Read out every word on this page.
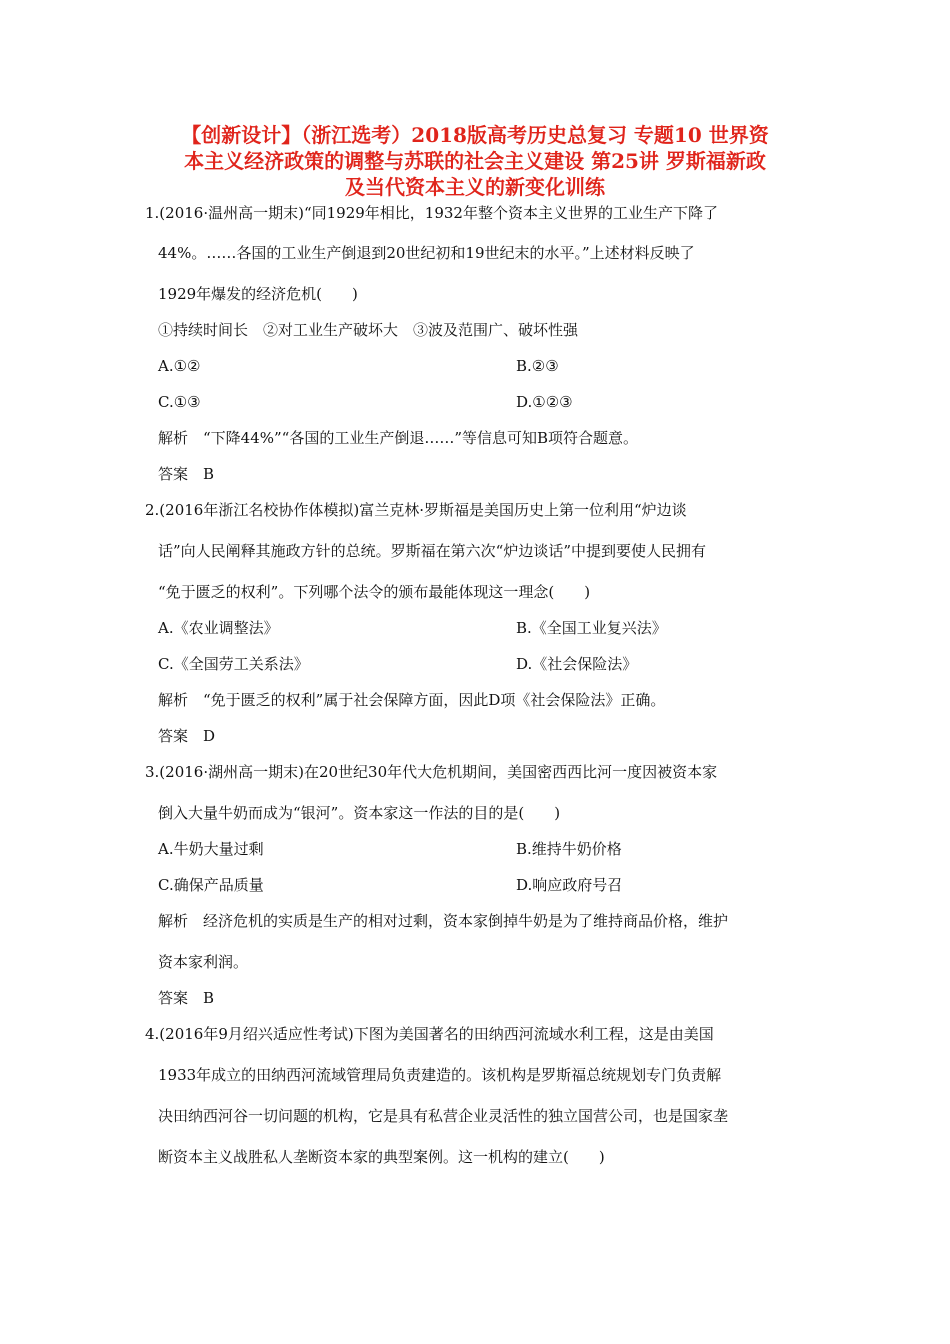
【创新设计】（浙江选考）2018版高考历史总复习 专题10 世界资
本主义经济政策的调整与苏联的社会主义建设 第25讲 罗斯福新政
及当代资本主义的新变化训练
1.(2016·温州高一期末)“同1929年相比，1932年整个资本主义世界的工业生产下降了
44%。……各国的工业生产倒退到20世纪初和19世纪末的水平。”上述材料反映了
1929年爆发的经济危机(　　)
①持续时间长　②对工业生产破坏大　③波及范围广、破坏性强
A.①②	B.②③
C.①③	D.①②③
解析　“下降44%”“各国的工业生产倒退……”等信息可知B项符合题意。
答案　B
2.(2016年浙江名校协作体模拟)富兰克林·罗斯福是美国历史上第一位利用“炉边谈
话”向人民阐释其施政方针的总统。罗斯福在第六次“炉边谈话”中提到要使人民拥有
“免于匮乏的权利”。下列哪个法令的颁布最能体现这一理念(　　)
A.《农业调整法》	B.《全国工业复兴法》
C.《全国劳工关系法》	D.《社会保险法》
解析　“免于匮乏的权利”属于社会保障方面，因此D项《社会保险法》正确。
答案　D
3.(2016·湖州高一期末)在20世纪30年代大危机期间，美国密西西比河一度因被资本家
倒入大量牛奶而成为“银河”。资本家这一作法的目的是(　　)
A.牛奶大量过剩	B.维持牛奶价格
C.确保产品质量	D.响应政府号召
解析　经济危机的实质是生产的相对过剩，资本家倒掉牛奶是为了维持商品价格，维护
资本家利润。
答案　B
4.(2016年9月绍兴适应性考试)下图为美国著名的田纳西河流域水利工程，这是由美国
1933年成立的田纳西河流域管理局负责建造的。该机构是罗斯福总统规划专门负责解
决田纳西河谷一切问题的机构，它是具有私营企业灵活性的独立国营公司，也是国家垄
断资本主义战胜私人垄断资本家的典型案例。这一机构的建立(　　)
